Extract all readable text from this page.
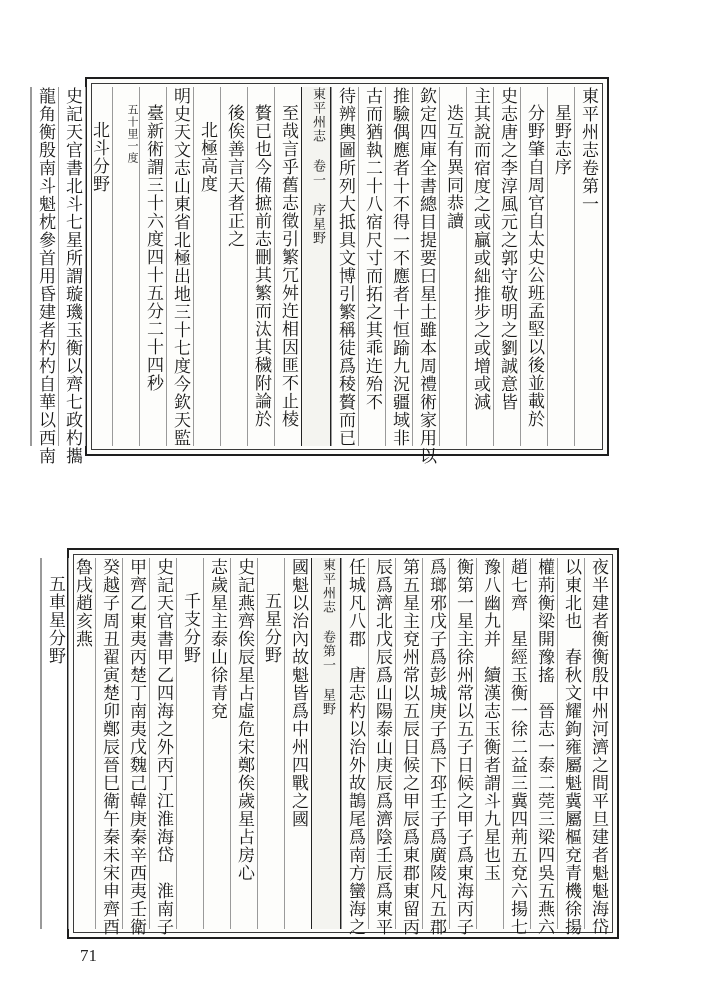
東平州志卷第一
星野志序
分野肇自周官自太史公班孟堅以後並載於
史志唐之李淳風元之郭守敬明之劉誠意皆
主其說而宿度之或贏或絀推步之或增或減
迭互有異同恭讀
欽定四庫全書總目提要曰星土雖本周禮術家用以
推驗偶應者十不得一不應者十恒踰九況疆域非
古而猶執二十八宿尺寸而拓之其乖迕殆不
待辨輿圖所列大抵具文博引繁稱徒爲稜贅而已
東平州志 卷一 序星野
至哉言乎舊志徵引繁冗舛迕相因匪不止棱
贅已也今備摭前志刪其繁而汰其穢附論於
後俟善言天者正之
北極高度
明史天文志山東省北極出地三十七度今欽天監
臺新術謂三十六度四十五分二十四秒
五十里一度
北斗分野
史記天官書北斗七星所謂璇璣玉衡以齊七政杓攜
龍角衡殷南斗魁枕參首用昏建者杓杓自華以西南
夜半建者衡衡殷中州河濟之間平旦建者魁魁海岱
以東北也　春秋文耀鉤雍屬魁冀屬樞兗青機徐揚
權荊衡梁開豫搖　晉志一泰二莞三梁四吳五燕六
趙七齊　星經玉衡一徐二益三冀四荊五兗六揚七
豫八幽九并　續漢志玉衡者謂斗九星也玉
衡第一星主徐州常以五子日候之甲子爲東海丙子
爲瑯邪戊子爲彭城庚子爲下邳壬子爲廣陵凡五郡
第五星主兗州常以五辰日候之甲辰爲東郡東留丙
辰爲濟北戊辰爲山陽泰山庚辰爲濟陰壬辰爲東平
任城凡八郡　唐志杓以治外故鵲尾爲南方蠻海之
東平州志 卷第一 星野
國魁以治內故魁皆爲中州四戰之國
五星分野
史記燕齊俟辰星占虛危宋鄭俟歲星占房心
志歲星主泰山徐青兗
千支分野
史記天官書甲乙四海之外丙丁江淮海岱　淮南子
甲齊乙東夷丙楚丁南夷戊魏己韓庚秦辛西夷壬衛
癸越子周丑翟寅楚卯鄭辰晉巳衛午秦未宋申齊酉
魯戌趙亥燕
五車星分野
71
